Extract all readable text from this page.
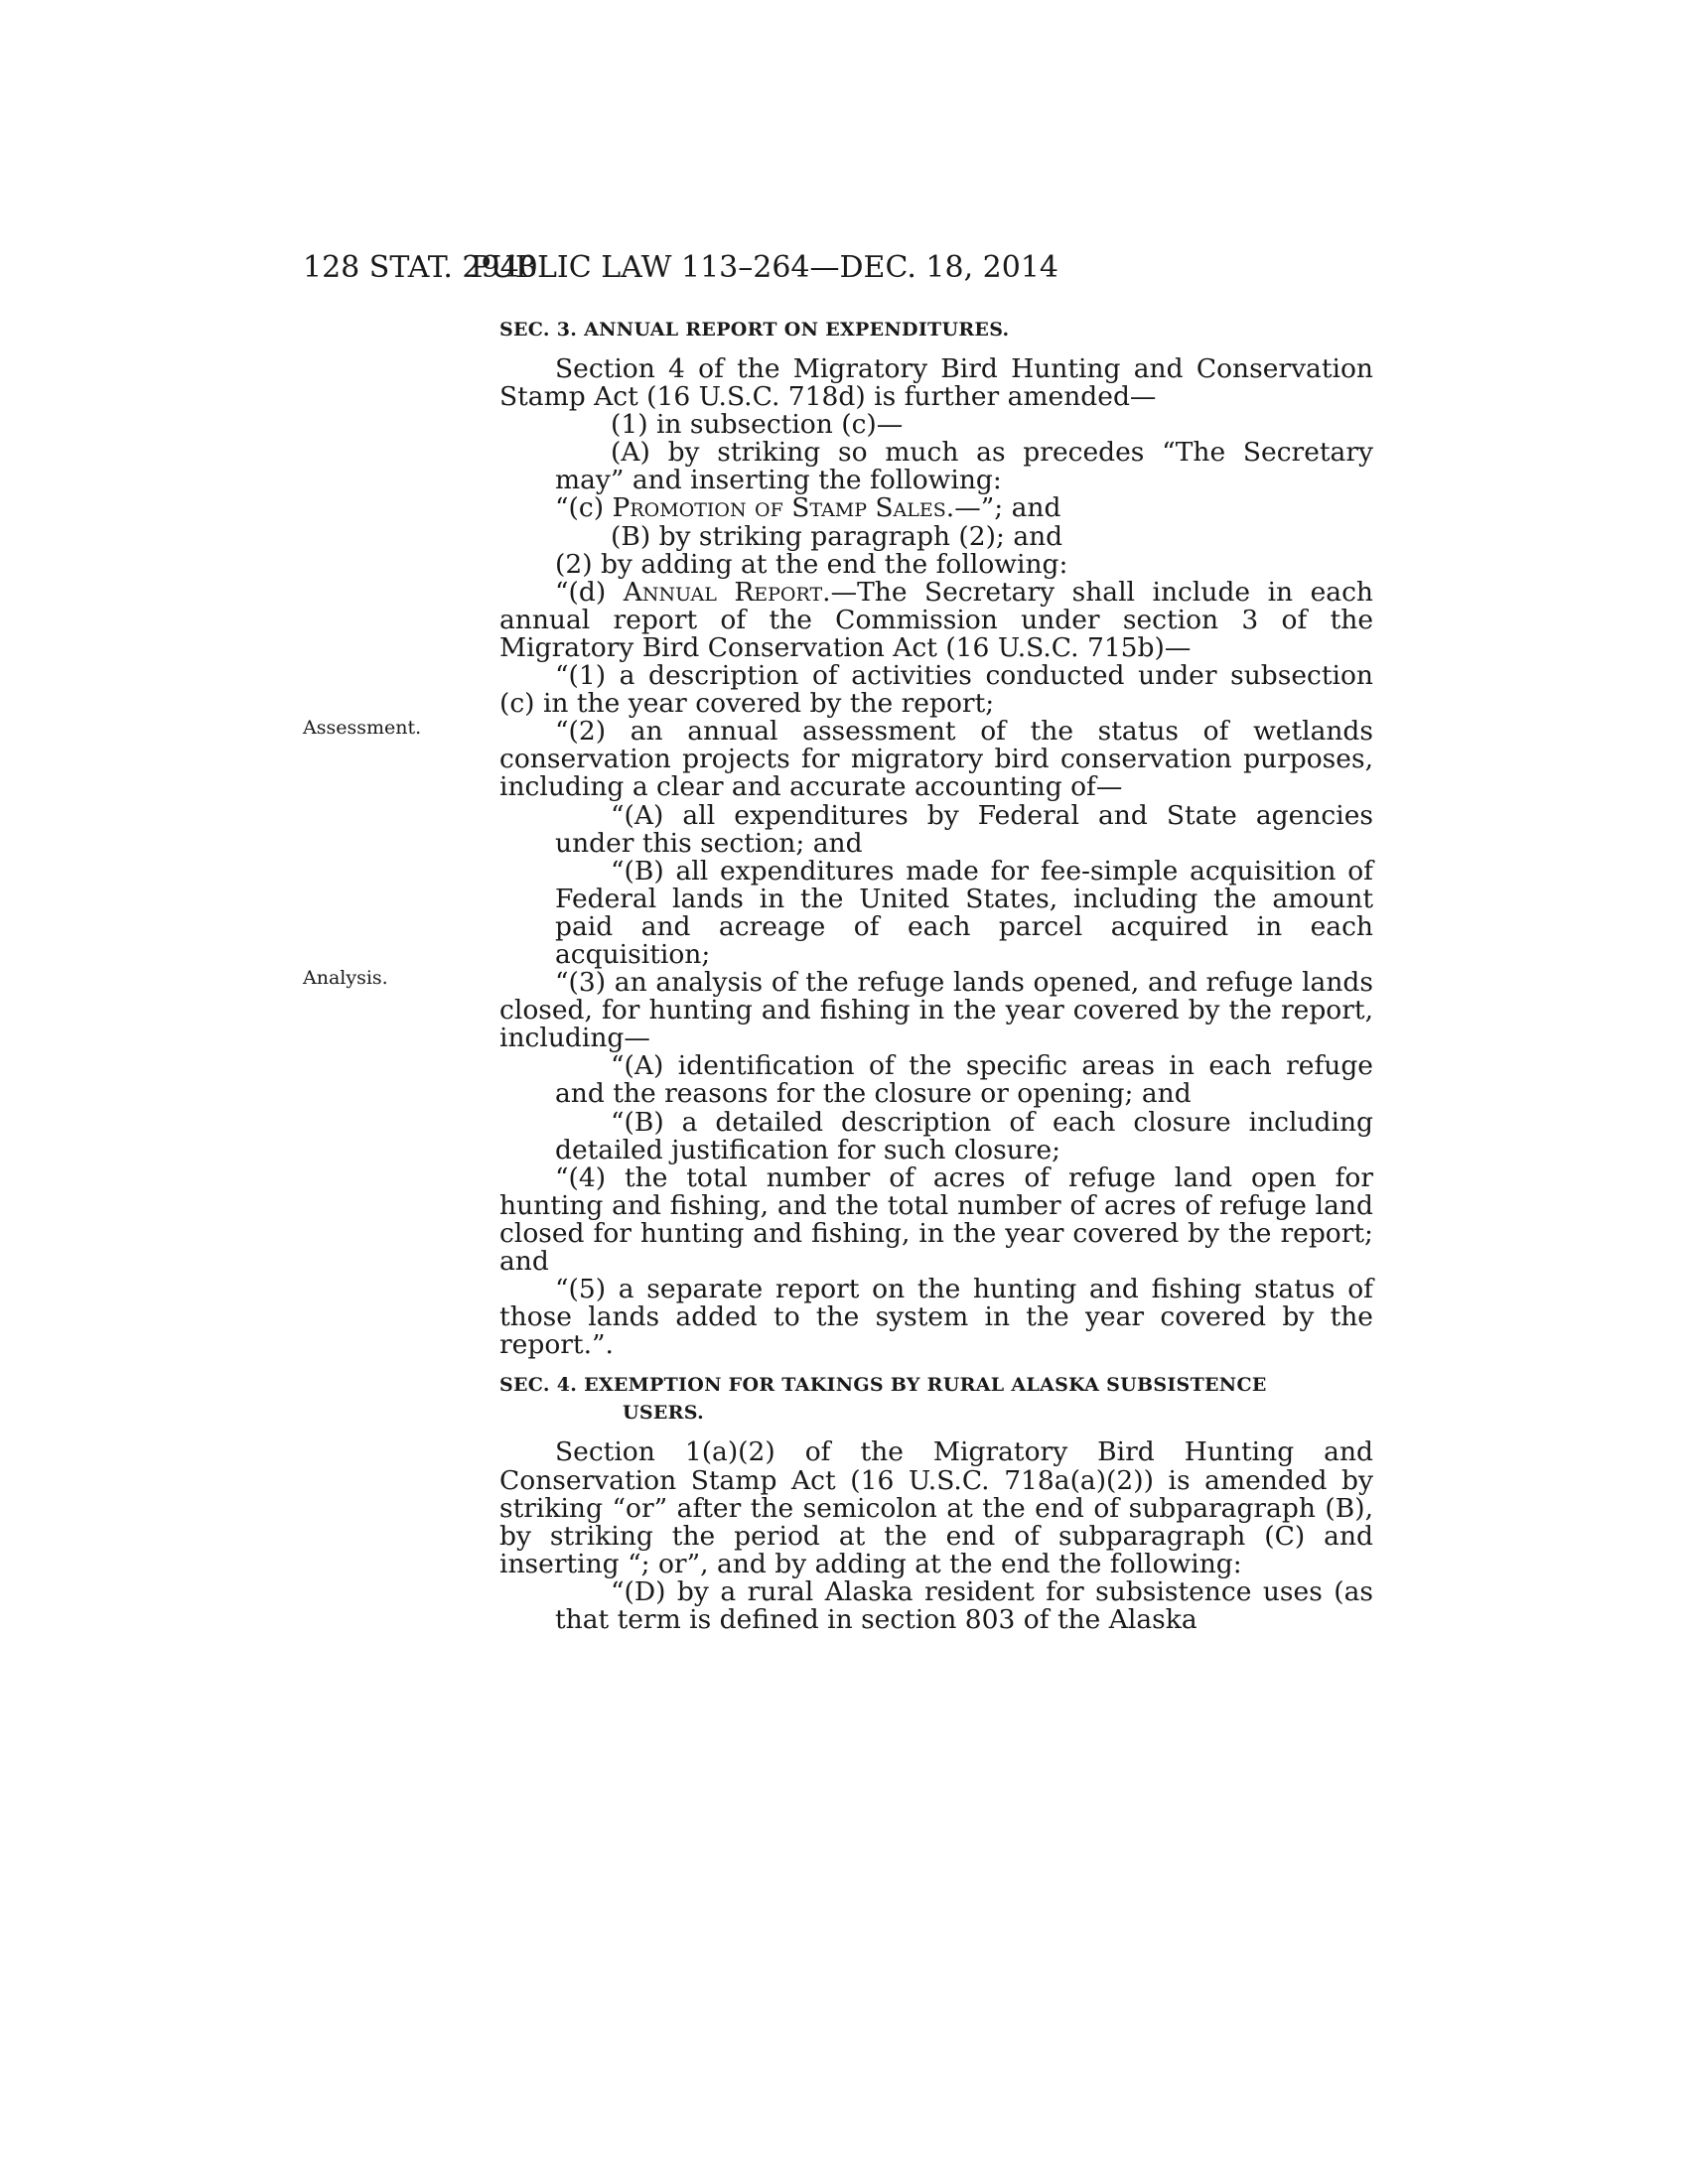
128 STAT. 2940
PUBLIC LAW 113–264—DEC. 18, 2014
Assessment.
Analysis.
SEC. 3. ANNUAL REPORT ON EXPENDITURES.

Section 4 of the Migratory Bird Hunting and Conservation Stamp Act (16 U.S.C. 718d) is further amended—

(1) in subsection (c)—

(A) by striking so much as precedes “The Secretary may” and inserting the following:

“(c) Promotion of Stamp Sales.—”; and

(B) by striking paragraph (2); and

(2) by adding at the end the following:

“(d) Annual Report.—The Secretary shall include in each annual report of the Commission under section 3 of the Migratory Bird Conservation Act (16 U.S.C. 715b)—

“(1) a description of activities conducted under subsection (c) in the year covered by the report;

“(2) an annual assessment of the status of wetlands conservation projects for migratory bird conservation purposes, including a clear and accurate accounting of—

“(A) all expenditures by Federal and State agencies under this section; and

“(B) all expenditures made for fee-simple acquisition of Federal lands in the United States, including the amount paid and acreage of each parcel acquired in each acquisition;

“(3) an analysis of the refuge lands opened, and refuge lands closed, for hunting and fishing in the year covered by the report, including—

“(A) identification of the specific areas in each refuge and the reasons for the closure or opening; and

“(B) a detailed description of each closure including detailed justification for such closure;

“(4) the total number of acres of refuge land open for hunting and fishing, and the total number of acres of refuge land closed for hunting and fishing, in the year covered by the report; and

“(5) a separate report on the hunting and fishing status of those lands added to the system in the year covered by the report.”.

SEC. 4. EXEMPTION FOR TAKINGS BY RURAL ALASKA SUBSISTENCE
USERS.

Section 1(a)(2) of the Migratory Bird Hunting and Conservation Stamp Act (16 U.S.C. 718a(a)(2)) is amended by striking “or” after the semicolon at the end of subparagraph (B), by striking the period at the end of subparagraph (C) and inserting “; or”, and by adding at the end the following:

“(D) by a rural Alaska resident for subsistence uses (as that term is defined in section 803 of the Alaska
